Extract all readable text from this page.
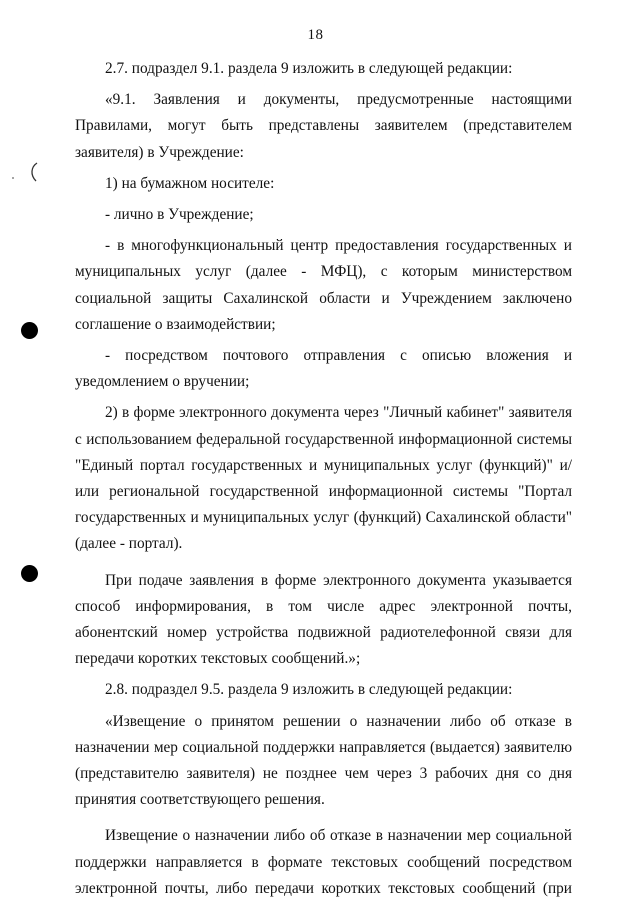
18

2.7. подраздел 9.1. раздела 9 изложить в следующей редакции:

«9.1. Заявления и документы, предусмотренные настоящими Правилами, могут быть представлены заявителем (представителем заявителя) в Учреждение:

1) на бумажном носителе:

- лично в Учреждение;

- в многофункциональный центр предоставления государственных и муниципальных услуг (далее - МФЦ), с которым министерством социальной защиты Сахалинской области и Учреждением заключено соглашение о взаимодействии;

- посредством почтового отправления с описью вложения и уведомлением о вручении;

2) в форме электронного документа через "Личный кабинет" заявителя с использованием федеральной государственной информационной системы "Единый портал государственных и муниципальных услуг (функций)" и/или региональной государственной информационной системы "Портал государственных и муниципальных услуг (функций) Сахалинской области" (далее - портал).

При подаче заявления в форме электронного документа указывается способ информирования, в том числе адрес электронной почты, абонентский номер устройства подвижной радиотелефонной связи для передачи коротких текстовых сообщений.»;

2.8. подраздел 9.5. раздела 9 изложить в следующей редакции:

«Извещение о принятом решении о назначении либо об отказе в назначении мер социальной поддержки направляется (выдается) заявителю (представителю заявителя) не позднее чем через 3 рабочих дня со дня принятия соответствующего решения.

Извещение о назначении либо об отказе в назначении мер социальной поддержки направляется в формате текстовых сообщений посредством электронной почты, либо передачи коротких текстовых сообщений (при
